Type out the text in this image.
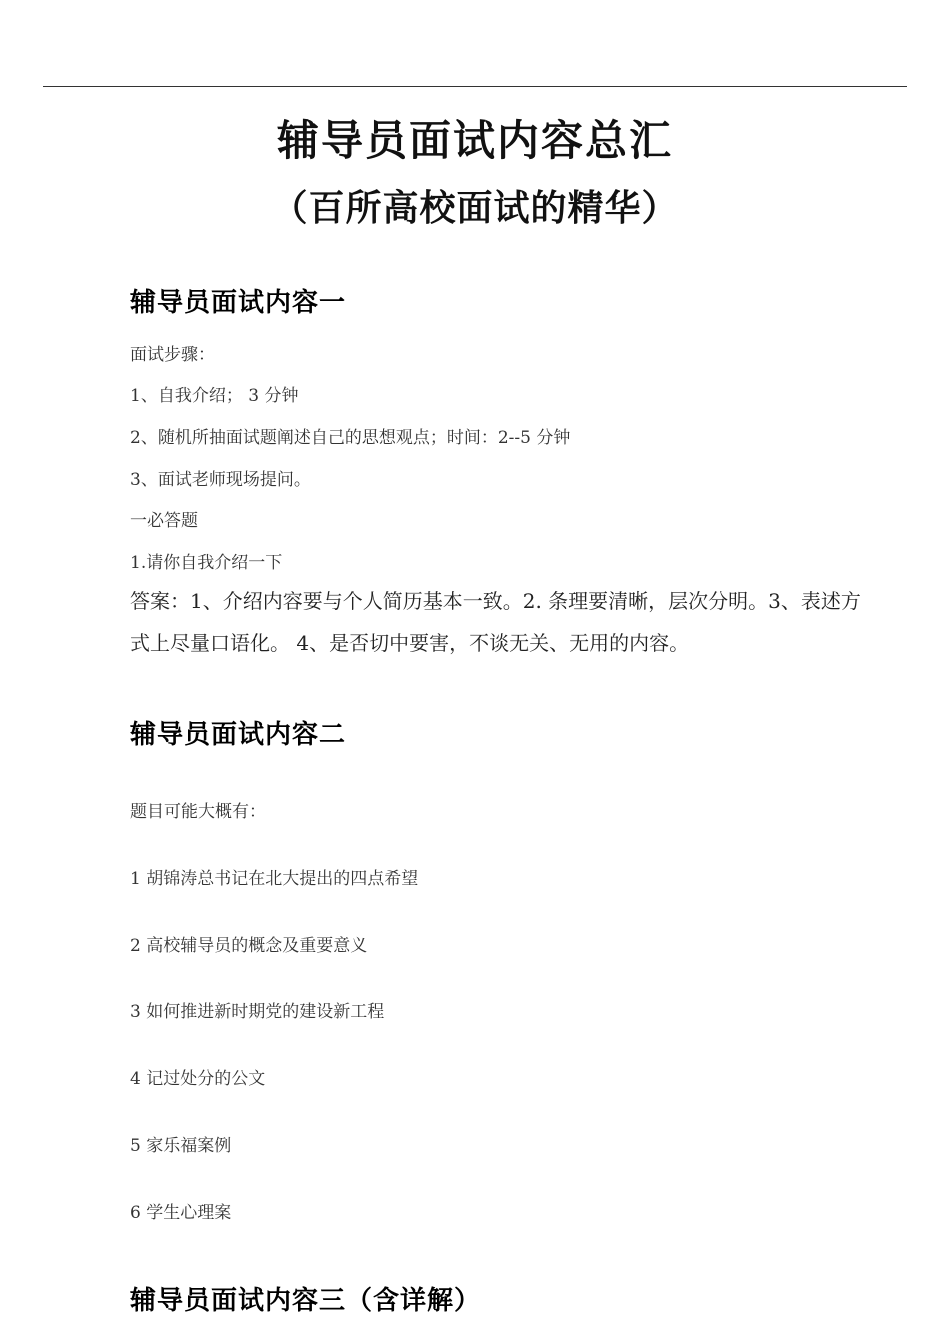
辅导员面试内容总汇
（百所高校面试的精华）
辅导员面试内容一
面试步骤：
1、自我介绍； 3 分钟
2、随机所抽面试题阐述自己的思想观点；时间：2--5 分钟
3、面试老师现场提问。
一必答题
1.请你自我介绍一下
答案：1、介绍内容要与个人简历基本一致。2. 条理要清晰，层次分明。3、表述方式上尽量口语化。 4、是否切中要害，不谈无关、无用的内容。
辅导员面试内容二
题目可能大概有：
1 胡锦涛总书记在北大提出的四点希望
2 高校辅导员的概念及重要意义
3 如何推进新时期党的建设新工程
4 记过处分的公文
5 家乐福案例
6 学生心理案
辅导员面试内容三（含详解）
